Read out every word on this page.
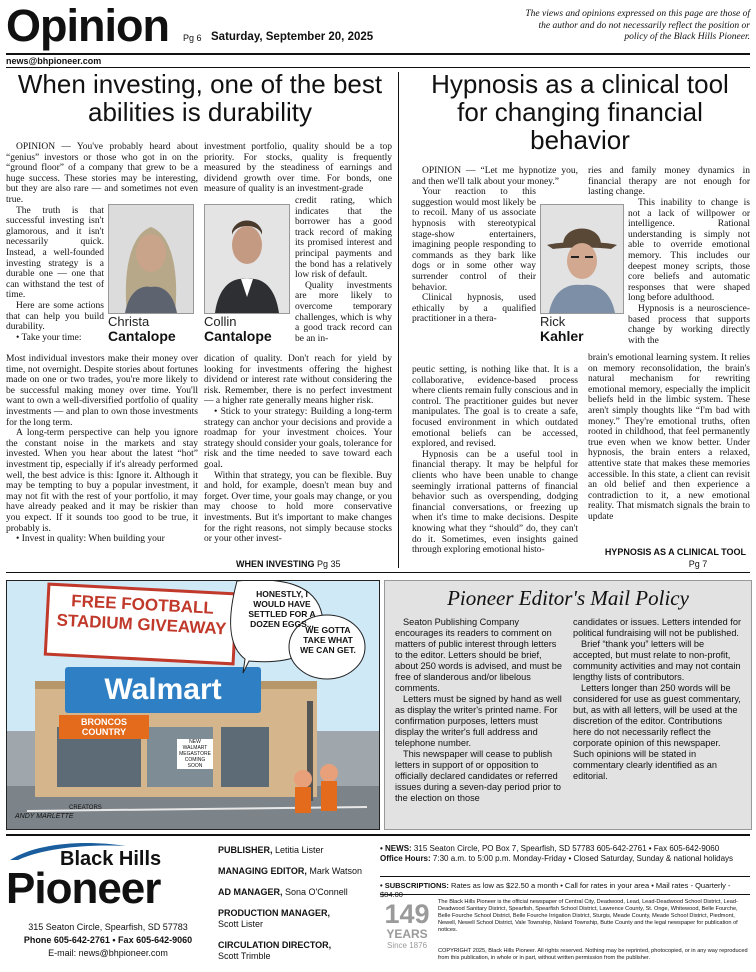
Opinion Pg 6 Saturday, September 20, 2025
The views and opinions expressed on this page are those of the author and do not necessarily reflect the position or policy of the Black Hills Pioneer.
news@bhpioneer.com
When investing, one of the best abilities is durability

OPINION — You've probably heard about “genius” investors or those who got in on the “ground floor” of a company that grew to be a huge success. These stories may be interesting, but they are also rare — and sometimes not even true.

The truth is that successful investing isn't glamorous, and it isn't necessarily quick. Instead, a well-founded investing strategy is a durable one — one that can withstand the test of time.

Here are some actions that can help you build durability.

• Take your time:

Most individual investors make their money over time, not overnight. Despite stories about fortunes made on one or two trades, you're more likely to be successful making money over time. You'll want to own a well-diversified portfolio of quality investments — and plan to own those investments for the long term.

A long-term perspective can help you ignore the constant noise in the markets and stay invested. When you hear about the latest “hot” investment tip, especially if it's already performed well, the best advice is this: Ignore it. Although it may be tempting to buy a popular investment, it may not fit with the rest of your portfolio, it may have already peaked and it may be riskier than you expect. If it sounds too good to be true, it probably is.

• Invest in quality: When building your

Christa
Cantalope

investment portfolio, quality should be a top priority. For stocks, quality is frequently measured by the steadiness of earnings and dividend growth over time. For bonds, one measure of quality is an investment-grade

credit rating, which indicates that the borrower has a good track record of making its promised interest and principal payments and the bond has a relatively low risk of default.

Quality investments are more likely to overcome temporary challenges, which is why a good track record can be an in-

Collin
Cantalope

dication of quality. Don't reach for yield by looking for investments offering the highest dividend or interest rate without considering the risk. Remember, there is no perfect investment — a higher rate generally means higher risk.

• Stick to your strategy: Building a long-term strategy can anchor your decisions and provide a roadmap for your investment choices. Your strategy should consider your goals, tolerance for risk and the time needed to save toward each goal.

Within that strategy, you can be flexible. Buy and hold, for example, doesn't mean buy and forget. Over time, your goals may change, or you may choose to hold more conservative investments. But it's important to make changes for the right reasons, not simply because stocks or your other invest-

WHEN INVESTING Pg 35
Hypnosis as a clinical tool for changing financial behavior

OPINION — “Let me hypnotize you, and then we'll talk about your money.”

Your reaction to this suggestion would most likely be to recoil. Many of us associate hypnosis with stereotypical stage-show entertainers, imagining people responding to commands as they bark like dogs or in some other way surrender control of their behavior.

Clinical hypnosis, used ethically by a qualified practitioner in a thera-

peutic setting, is nothing like that. It is a collaborative, evidence-based process where clients remain fully conscious and in control. The practitioner guides but never manipulates. The goal is to create a safe, focused environment in which outdated emotional beliefs can be accessed, explored, and revised.

Hypnosis can be a useful tool in financial therapy. It may be helpful for clients who have been unable to change seemingly irrational patterns of financial behavior such as overspending, dodging financial conversations, or freezing up when it's time to make decisions. Despite knowing what they “should” do, they can't do it. Sometimes, even insights gained through exploring emotional histo-

Rick
Kahler

ries and family money dynamics in financial therapy are not enough for lasting change.

This inability to change is not a lack of willpower or intelligence. Rational understanding is simply not able to override emotional memory. This includes our deepest money scripts, those core beliefs and automatic responses that were shaped long before adulthood.

Hypnosis is a neuroscience-based process that supports change by working directly with the

brain's emotional learning system. It relies on memory reconsolidation, the brain's natural mechanism for rewriting emotional memory, especially the implicit beliefs held in the limbic system. These aren't simply thoughts like “I'm bad with money.” They're emotional truths, often rooted in childhood, that feel permanently true even when we know better. Under hypnosis, the brain enters a relaxed, attentive state that makes these memories accessible. In this state, a client can revisit an old belief and then experience a contradiction to it, a new emotional reality. That mismatch signals the brain to update

HYPNOSIS AS A CLINICAL TOOL
Pg 7
FREE FOOTBALL STADIUM GIVEAWAY
Walmart
BRONCOS COUNTRY
NEW WALMART MEGASTORE COMING SOON
HONESTLY, I WOULD HAVE SETTLED FOR A DOZEN EGGS...
WE GOTTA TAKE WHAT WE CAN GET.
ANDY MARLETTE
CREATORS
Pioneer Editor's Mail Policy

Seaton Publishing Company encourages its readers to comment on matters of public interest through letters to the editor. Letters should be brief, about 250 words is advised, and must be free of slanderous and/or libelous comments.

Letters must be signed by hand as well as display the writer's printed name. For confirmation purposes, letters must display the writer's full address and telephone number.

This newspaper will cease to publish letters in support of or opposition to officially declared candidates or referred issues during a seven-day period prior to the election on those

candidates or issues. Letters intended for political fundraising will not be published.

Brief “thank you” letters will be accepted, but must relate to non-profit, community activities and may not contain lengthy lists of contributors.

Letters longer than 250 words will be considered for use as guest commentary, but, as with all letters, will be used at the discretion of the editor. Contributions here do not necessarily reflect the corporate opinion of this newspaper. Such opinions will be stated in commentary clearly identified as an editorial.

Black Hills
Pioneer
315 Seaton Circle, Spearfish, SD 57783
Phone 605-642-2761 • Fax 605-642-9060
E-mail: news@bhpioneer.com
PUBLISHER, Letitia Lister
MANAGING EDITOR, Mark Watson
AD MANAGER, Sona O'Connell
PRODUCTION MANAGER, Scott Lister
CIRCULATION DIRECTOR, Scott Trimble
• NEWS: 315 Seaton Circle, PO Box 7, Spearfish, SD 57783 605-642-2761 • Fax 605-642-9060
Office Hours: 7:30 a.m. to 5:00 p.m. Monday-Friday • Closed Saturday, Sunday & national holidays
• SUBSCRIPTIONS: Rates as low as $22.50 a month • Call for rates in your area • Mail rates - Quarterly -
149
YEARS
Since 1876
The Black Hills Pioneer is the official newspaper of Central City, Deadwood, Lead, Lead-Deadwood School District, Lead-Deadwood Sanitary District, Spearfish, Spearfish School District, Lawrence County, St. Onge, Whitewood, Belle Fourche, Belle Fourche School District, Belle Fourche Irrigation District, Sturgis, Meade County, Meade School District, Piedmont, Newell, Newell School District, Vale Township, Nisland Township, Butte County and the legal newspaper for publication of notices.
COPYRIGHT 2025, Black Hills Pioneer. All rights reserved. Nothing may be reprinted, photocopied, or in any way reproduced from this publication, in whole or in part, without written permission from the publisher.
